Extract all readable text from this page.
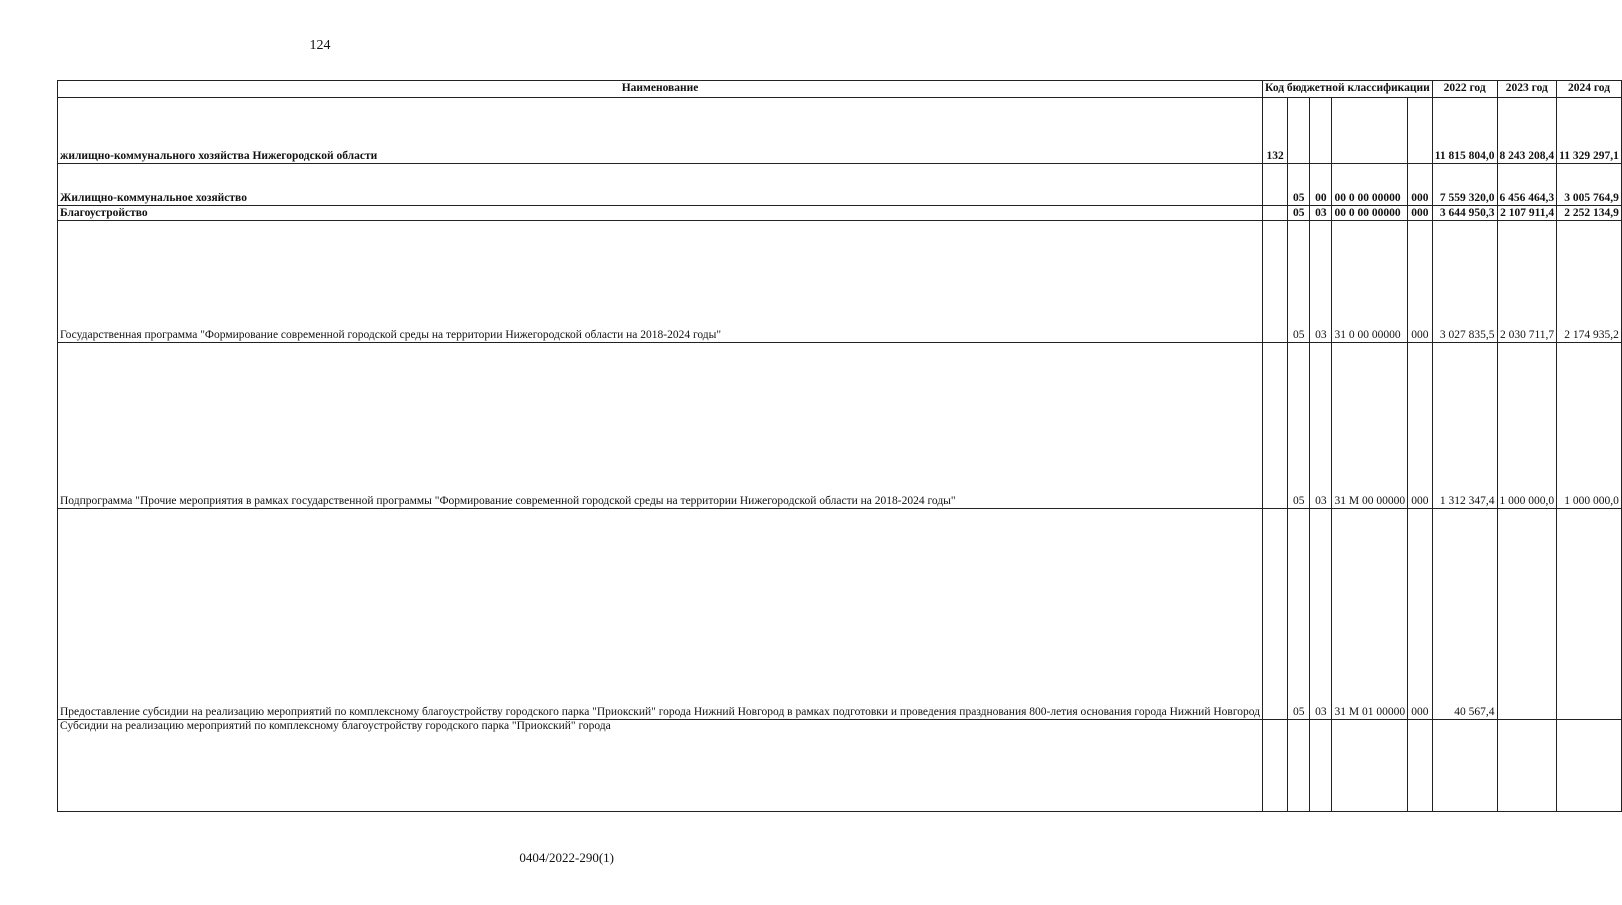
124
Наименование	Код бюджетной классификации					2022 год	2023 год	2024 год
жилищно-коммунального хозяйства Нижегородской области	132					11 815 804,0	8 243 208,4	11 329 297,1
Жилищно-коммунальное хозяйство		05	00	00 0 00 00000	000	7 559 320,0	6 456 464,3	3 005 764,9
Благоустройство		05	03	00 0 00 00000	000	3 644 950,3	2 107 911,4	2 252 134,9
Государственная программа "Формирование современной городской среды на территории Нижегородской области на 2018-2024 годы"		05	03	31 0 00 00000	000	3 027 835,5	2 030 711,7	2 174 935,2
Подпрограмма "Прочие мероприятия в рамках государственной программы "Формирование современной городской среды на территории Нижегородской области на 2018-2024 годы"		05	03	31 М 00 00000	000	1 312 347,4	1 000 000,0	1 000 000,0
Предоставление субсидии на реализацию мероприятий по комплексному благоустройству городского парка "Приокский" города Нижний Новгород в рамках подготовки и проведения празднования 800-летия основания города Нижний Новгород		05	03	31 М 01 00000	000	40 567,4		
Субсидии на реализацию мероприятий по комплексному благоустройству городского парка "Приокский" города								
0404/2022-290(1)
